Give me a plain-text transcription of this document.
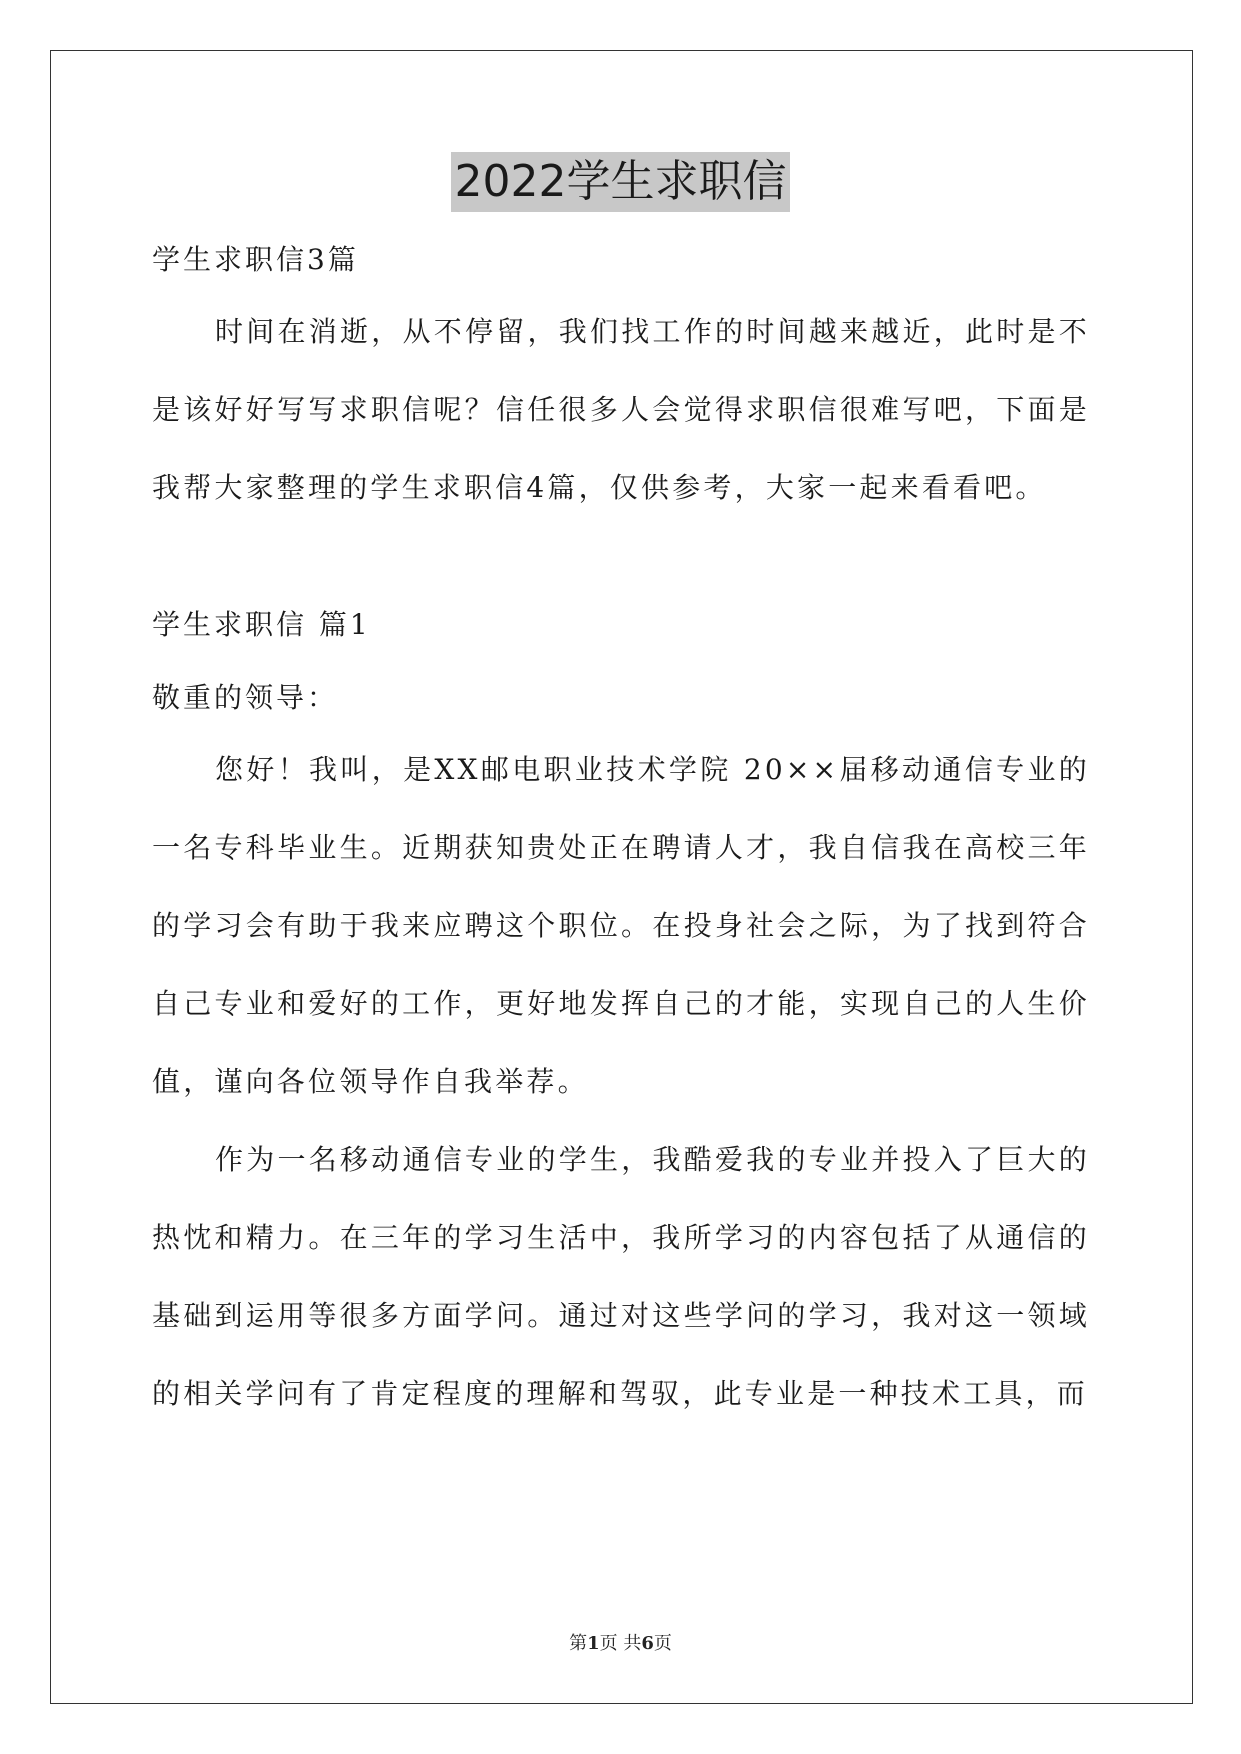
2022学生求职信
学生求职信3篇
时间在消逝，从不停留，我们找工作的时间越来越近，此时是不是该好好写写求职信呢？信任很多人会觉得求职信很难写吧，下面是我帮大家整理的学生求职信4篇，仅供参考，大家一起来看看吧。
学生求职信 篇1
敬重的领导：
您好！我叫，是XX邮电职业技术学院 20××届移动通信专业的一名专科毕业生。近期获知贵处正在聘请人才，我自信我在高校三年的学习会有助于我来应聘这个职位。在投身社会之际，为了找到符合自己专业和爱好的工作，更好地发挥自己的才能，实现自己的人生价值，谨向各位领导作自我举荐。
作为一名移动通信专业的学生，我酷爱我的专业并投入了巨大的热忱和精力。在三年的学习生活中，我所学习的内容包括了从通信的基础到运用等很多方面学问。通过对这些学问的学习，我对这一领域的相关学问有了肯定程度的理解和驾驭，此专业是一种技术工具，而
第1页 共6页
